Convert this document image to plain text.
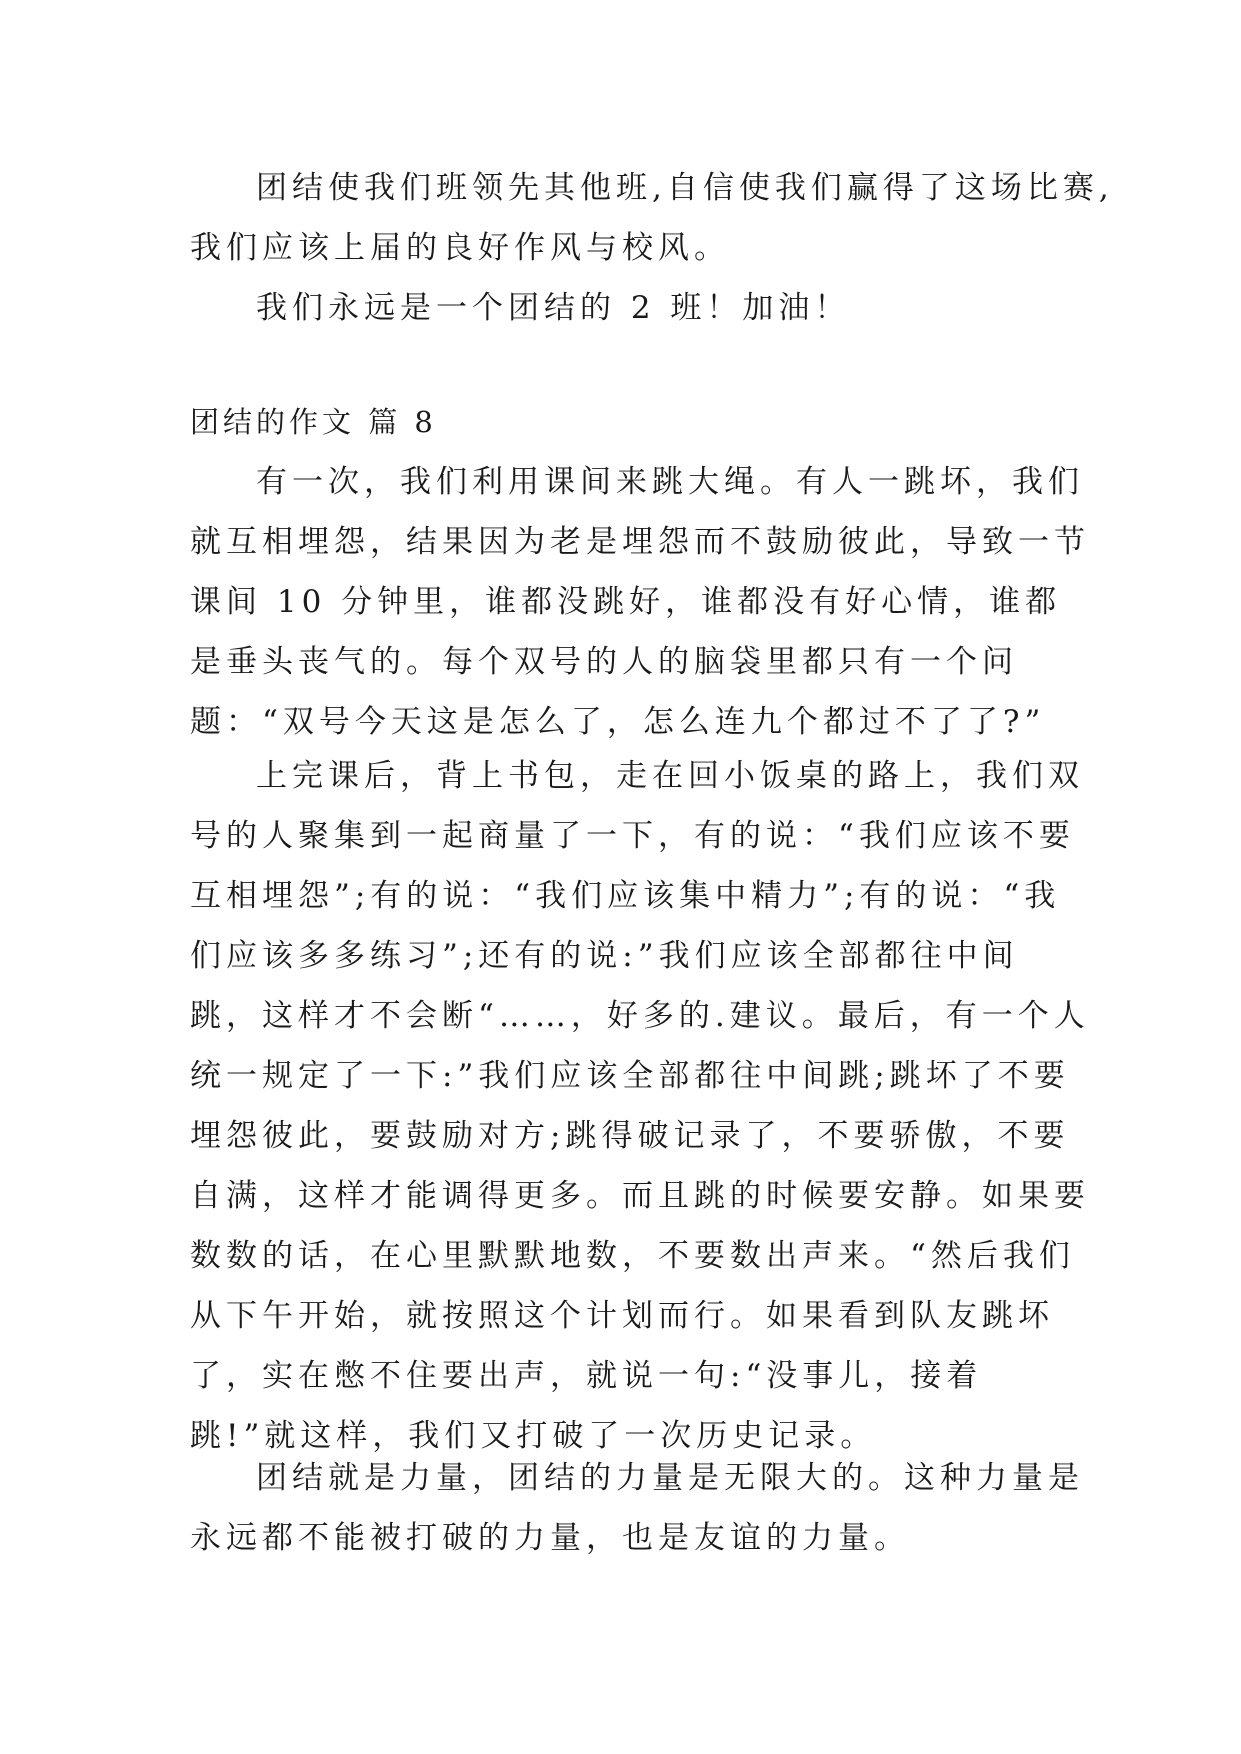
团结使我们班领先其他班,自信使我们赢得了这场比赛,我们应该上届的良好作风与校风。

我们永远是一个团结的 2 班！加油！

团结的作文 篇 8

有一次，我们利用课间来跳大绳。有人一跳坏，我们就互相埋怨，结果因为老是埋怨而不鼓励彼此，导致一节课间 10 分钟里，谁都没跳好，谁都没有好心情，谁都是垂头丧气的。每个双号的人的脑袋里都只有一个问题：“双号今天这是怎么了，怎么连九个都过不了了?”

上完课后，背上书包，走在回小饭桌的路上，我们双号的人聚集到一起商量了一下，有的说：“我们应该不要互相埋怨”;有的说：“我们应该集中精力”;有的说：“我们应该多多练习”;还有的说:”我们应该全部都往中间跳，这样才不会断“……，好多的.建议。最后，有一个人统一规定了一下:”我们应该全部都往中间跳;跳坏了不要埋怨彼此，要鼓励对方;跳得破记录了，不要骄傲，不要自满，这样才能调得更多。而且跳的时候要安静。如果要数数的话，在心里默默地数，不要数出声来。“然后我们从下午开始，就按照这个计划而行。如果看到队友跳坏了，实在憋不住要出声，就说一句:“没事儿，接着跳!”就这样，我们又打破了一次历史记录。

团结就是力量，团结的力量是无限大的。这种力量是永远都不能被打破的力量，也是友谊的力量。
